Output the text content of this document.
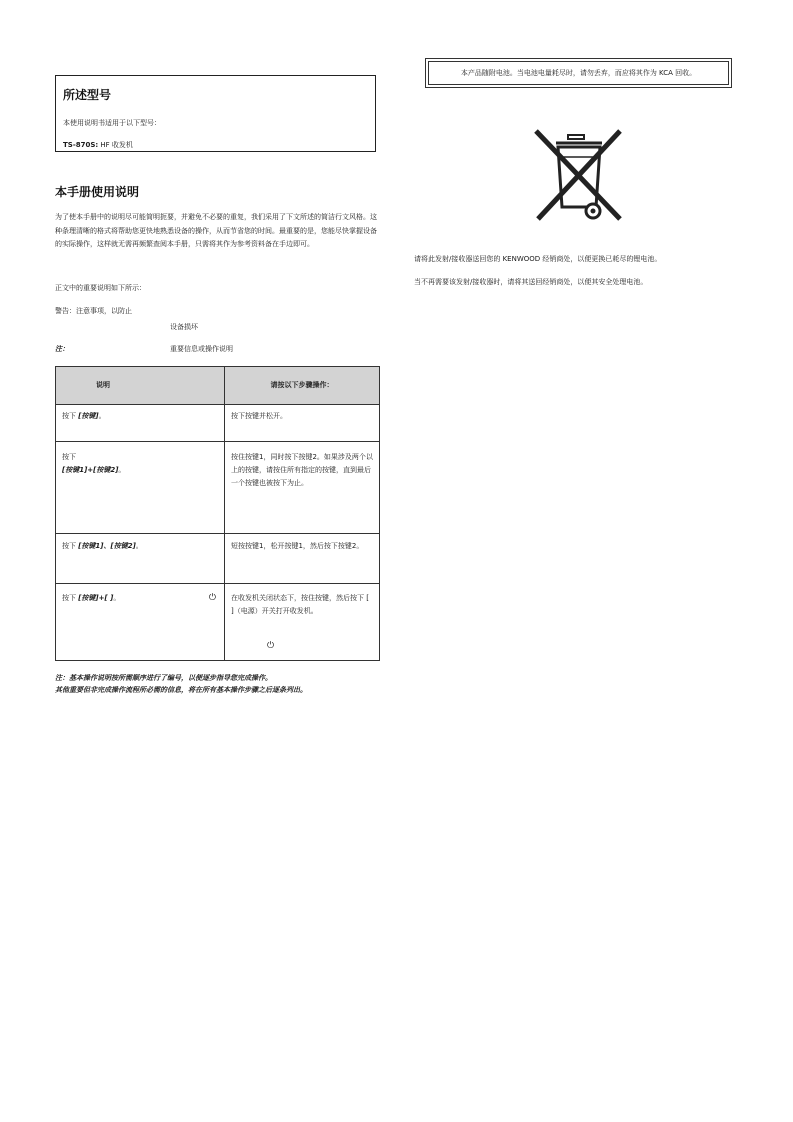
所述型号
本使用说明书适用于以下型号：
TS-870S: HF 收发机
本手册使用说明
为了使本手册中的说明尽可能简明扼要，并避免不必要的重复，我们采用了下文所述的简洁行文风格。这种条理清晰的格式将帮助您更快地熟悉设备的操作，从而节省您的时间。最重要的是，您能尽快掌握设备的实际操作，这样就无需再频繁查阅本手册，只需将其作为参考资料备在手边即可。
正文中的重要说明如下所示：
警告：注意事项，以防止
设备损坏
注：	重要信息或操作说明
说明	请按以下步骤操作：
按下 [按键]。	按下按键并松开。
按下
[按键1]+[按键2]。	按住按键1，同时按下按键2。如果涉及两个以上的按键，请按住所有指定的按键，直到最后一个按键也被按下为止。
按下 [按键1]、[按键2]。	短按按键1，松开按键1，然后按下按键2。
按下 [按键]+[ ]。 ⏻	在收发机关闭状态下，按住按键，然后按下 [ ]（电源）开关打开收发机。
⏻
注：基本操作说明按所需顺序进行了编号，以便逐步指导您完成操作。
其他重要但非完成操作流程所必需的信息，将在所有基本操作步骤之后逐条列出。
本产品随附电池。当电池电量耗尽时，请勿丢弃，而应将其作为 KCA 回收。
请将此发射/接收器送回您的 KENWOOD 经销商处，以便更换已耗尽的锂电池。
当不再需要该发射/接收器时，请将其送回经销商处，以便其安全处理电池。
